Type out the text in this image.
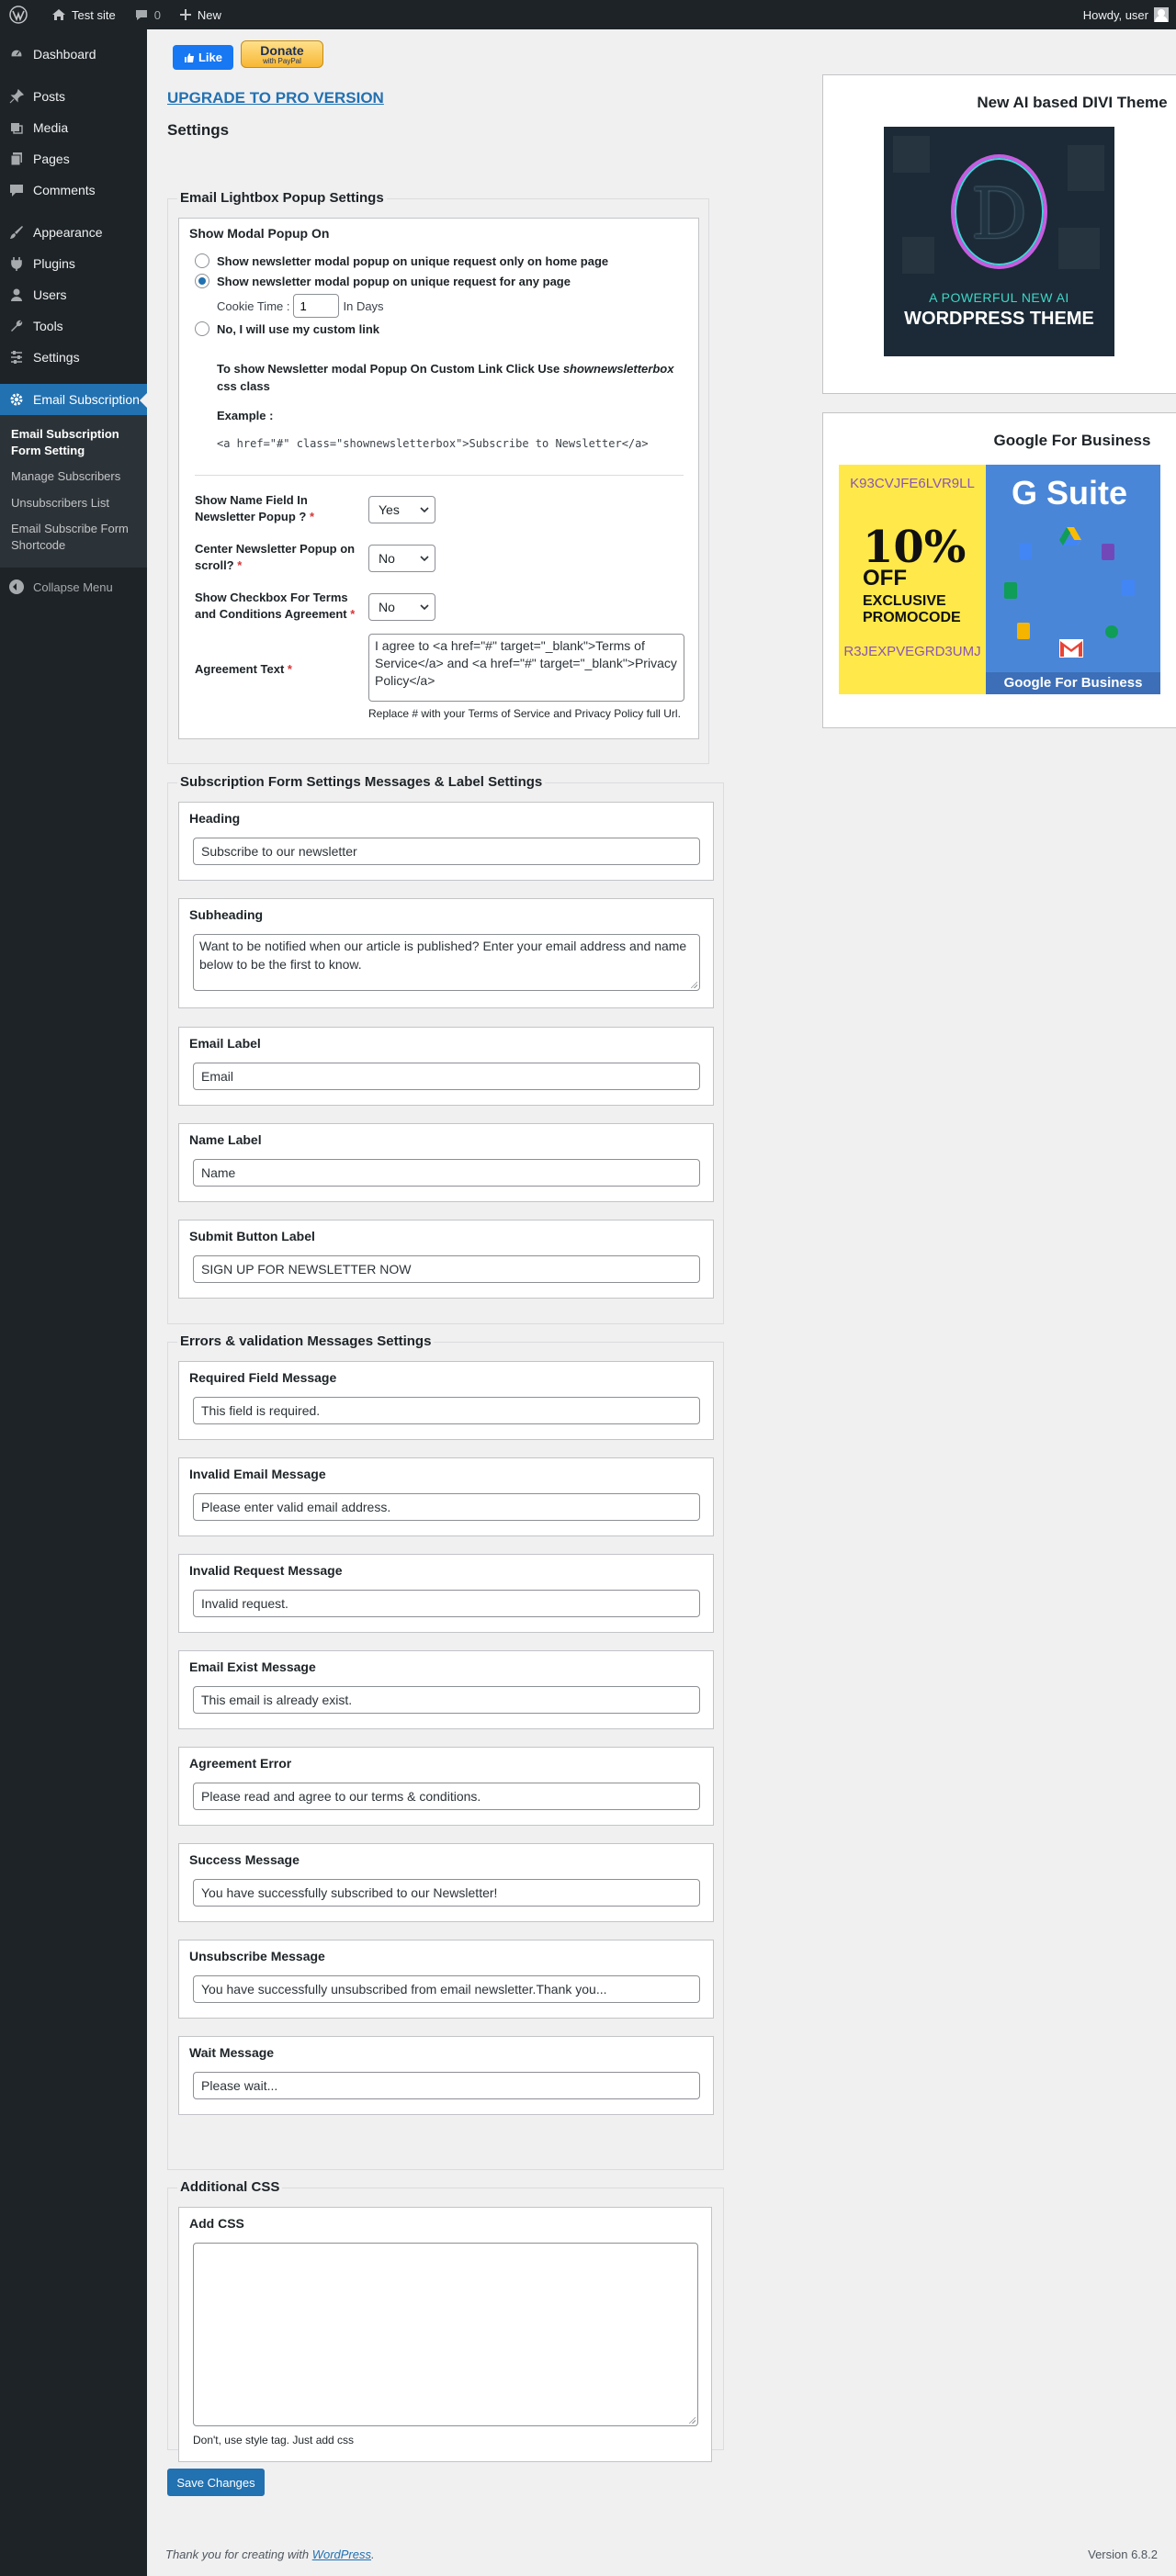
Test site	0	New	Howdy, user
Dashboard
Posts
Media
Pages
Comments
Appearance
Plugins
Users
Tools
Settings
Email Subscription
Email Subscription Form Setting
Manage Subscribers
Unsubscribers List
Email Subscribe Form Shortcode
Collapse Menu
Like	Donate
with PayPal
UPGRADE TO PRO VERSION
Settings
Email Lightbox Popup Settings
Show Modal Popup On
Show newsletter modal popup on unique request only on home page
Show newsletter modal popup on unique request for any page
Cookie Time :
1	In Days
No, I will use my custom link
To show Newsletter modal Popup On Custom Link Click Use shownewsletterbox css class
Example :
<a href="#" class="shownewsletterbox">Subscribe to Newsletter</a>
Show Name Field In Newsletter Popup ? *	Yes
Center Newsletter Popup on scroll? *	No
Show Checkbox For Terms and Conditions Agreement *	No
Agreement Text *
I agree to <a href="#" target="_blank">Terms of Service</a> and <a href="#" target="_blank">Privacy Policy</a>
Replace # with your Terms of Service and Privacy Policy full Url.
Subscription Form Settings Messages & Label Settings
Heading
Subscribe to our newsletter
Subheading
Want to be notified when our article is published? Enter your email address and name below to be the first to know.
Email Label
Email
Name Label
Name
Submit Button Label
SIGN UP FOR NEWSLETTER NOW
Errors & validation Messages Settings
Required Field Message
This field is required.
Invalid Email Message
Please enter valid email address.
Invalid Request Message
Invalid request.
Email Exist Message
This email is already exist.
Agreement Error
Please read and agree to our terms & conditions.
Success Message
You have successfully subscribed to our Newsletter!
Unsubscribe Message
You have successfully unsubscribed from email newsletter.Thank you...
Wait Message
Please wait...
Additional CSS
Add CSS
Don't, use style tag. Just add css
Save Changes
Thank you for creating with WordPress.	Version 6.8.2
New AI based DIVI Theme
D
A POWERFUL NEW AI
WORDPRESS THEME
Google For Business
K93CVJFE6LVR9LL
10%
OFF
EXCLUSIVE PROMOCODE
R3JEXPVEGRD3UMJ
G Suite
Google For Business
